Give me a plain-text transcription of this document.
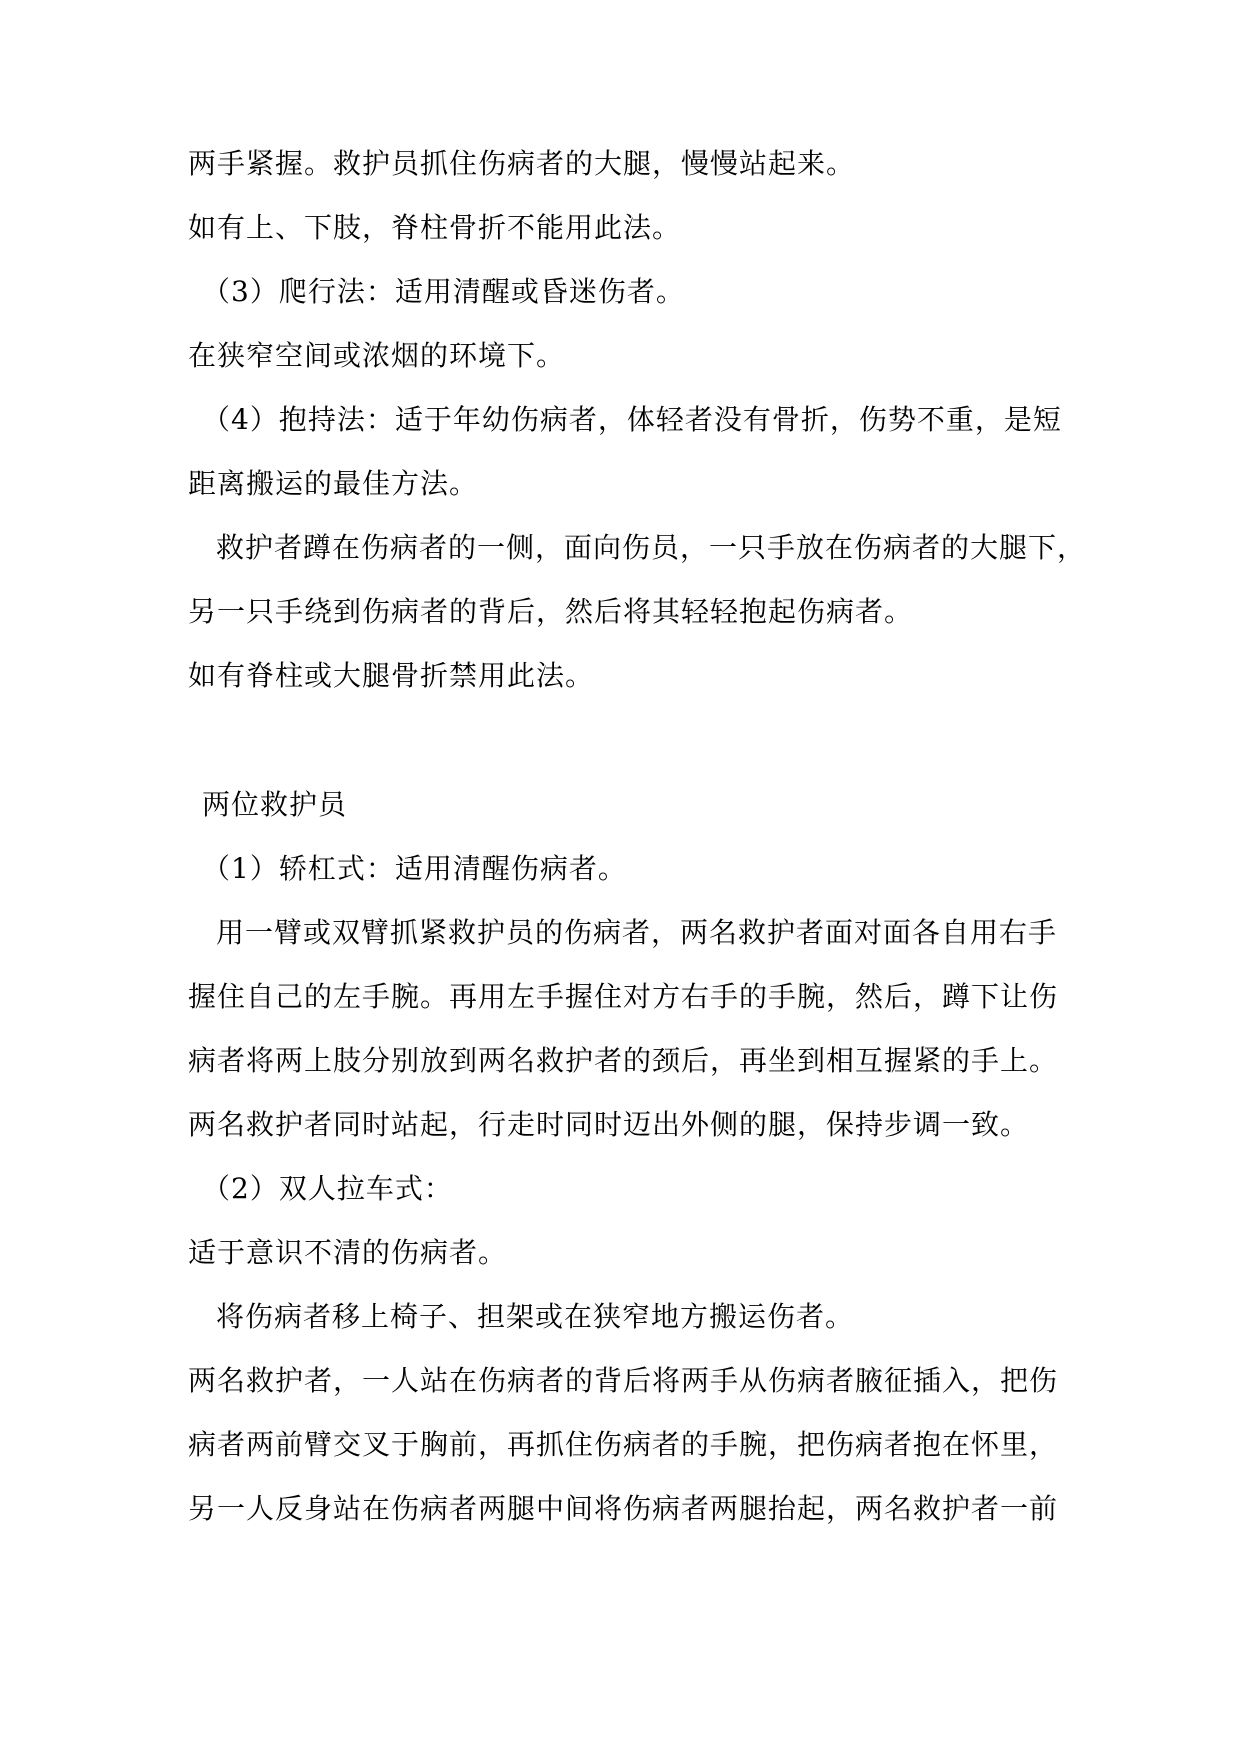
两手紧握。救护员抓住伤病者的大腿，慢慢站起来。
如有上、下肢，脊柱骨折不能用此法。
（3）爬行法：适用清醒或昏迷伤者。
在狭窄空间或浓烟的环境下。
（4）抱持法：适于年幼伤病者，体轻者没有骨折，伤势不重，是短
距离搬运的最佳方法。
救护者蹲在伤病者的一侧，面向伤员，一只手放在伤病者的大腿下，
另一只手绕到伤病者的背后，然后将其轻轻抱起伤病者。
如有脊柱或大腿骨折禁用此法。
两位救护员
（1）轿杠式：适用清醒伤病者。
用一臂或双臂抓紧救护员的伤病者，两名救护者面对面各自用右手
握住自己的左手腕。再用左手握住对方右手的手腕，然后，蹲下让伤
病者将两上肢分别放到两名救护者的颈后，再坐到相互握紧的手上。
两名救护者同时站起，行走时同时迈出外侧的腿，保持步调一致。
（2）双人拉车式：
适于意识不清的伤病者。
将伤病者移上椅子、担架或在狭窄地方搬运伤者。
两名救护者，一人站在伤病者的背后将两手从伤病者腋征插入，把伤
病者两前臂交叉于胸前，再抓住伤病者的手腕，把伤病者抱在怀里，
另一人反身站在伤病者两腿中间将伤病者两腿抬起，两名救护者一前
